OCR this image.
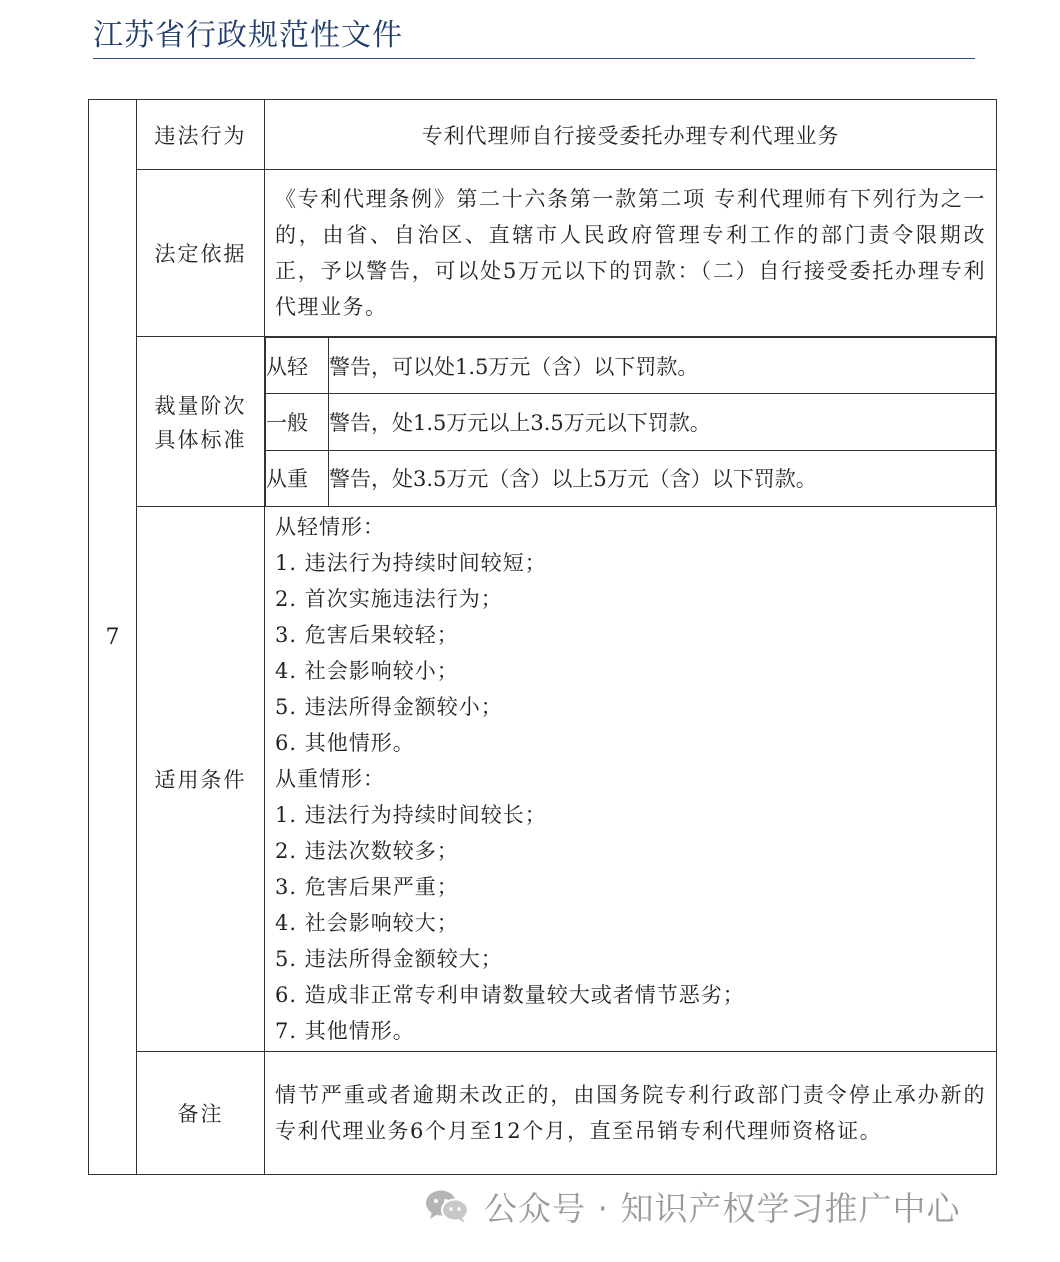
江苏省行政规范性文件
7	违法行为	专利代理师自行接受委托办理专利代理业务
法定依据	《专利代理条例》第二十六条第一款第二项 专利代理师有下列行为之一的，由省、自治区、直辖市人民政府管理专利工作的部门责令限期改正，予以警告，可以处5万元以下的罚款：（二）自行接受委托办理专利代理业务。

裁量阶次
具体标准

从轻	警告，可以处1.5万元（含）以下罚款。
一般	警告，处1.5万元以上3.5万元以下罚款。
从重	警告，处3.5万元（含）以上5万元（含）以下罚款。

适用条件	
从轻情形：
1. 违法行为持续时间较短；
2. 首次实施违法行为；
3. 危害后果较轻；
4. 社会影响较小；
5. 违法所得金额较小；
6. 其他情形。
从重情形：
1. 违法行为持续时间较长；
2. 违法次数较多；
3. 危害后果严重；
4. 社会影响较大；
5. 违法所得金额较大；
6. 造成非正常专利申请数量较大或者情节恶劣；
7. 其他情形。

备注	情节严重或者逾期未改正的，由国务院专利行政部门责令停止承办新的专利代理业务6个月至12个月，直至吊销专利代理师资格证。
公众号 · 知识产权学习推广中心
